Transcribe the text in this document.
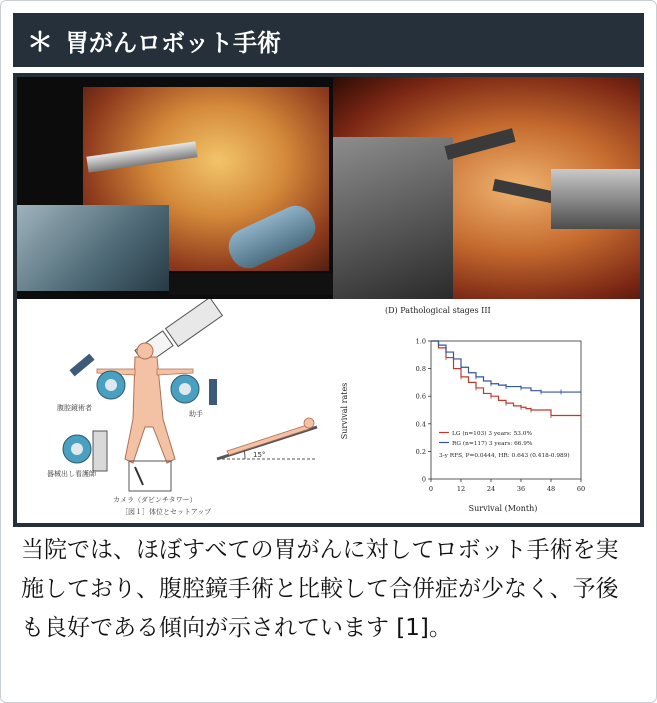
＊ 胃がんロボット手術
腹腔鏡術者
助手
器械出し看護師
カメラ（ダビンチタワー）
［図１］体位とセットアップ
15°
(D) Pathological stages III
0	12	24	36	48	60
0
0.2
0.4
0.6
0.8
1.0
LG (n=103) 3 years: 53.0%
RG (n=117) 3 years: 66.9%
3-y RFS, P=0.0444, HR: 0.643 (0.418-0.989)
Survival (Month)
Survival rates
当院では、ほぼすべての胃がんに対してロボット手術を実施しており、腹腔鏡手術と比較して合併症が少なく、予後も良好である傾向が示されています [1]。
